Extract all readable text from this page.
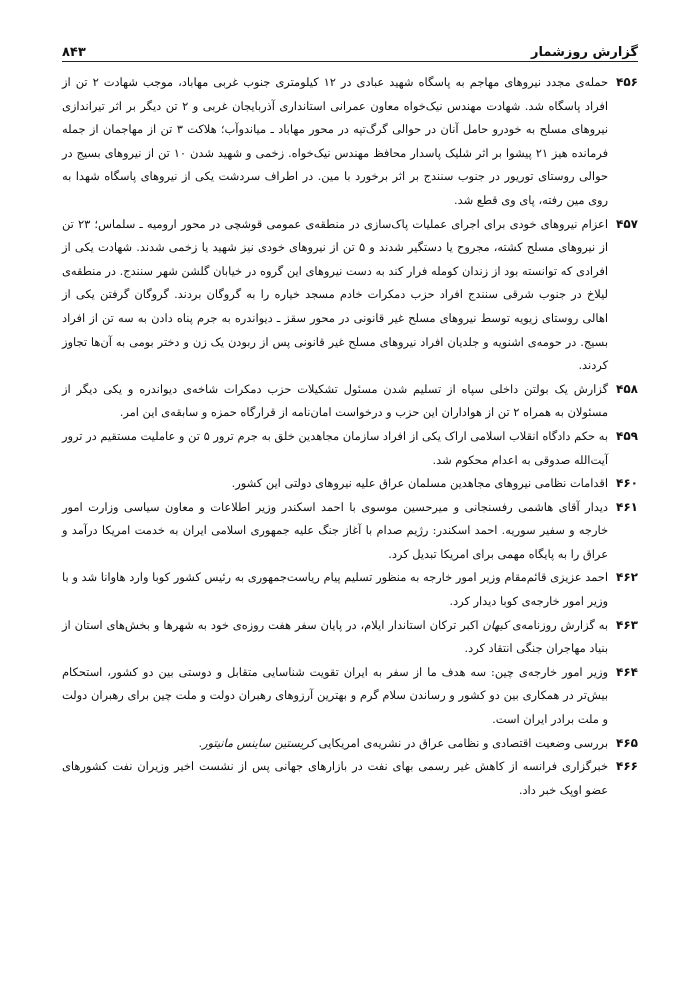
گزارش روزشمار
۸۴۳

۴۵۶
حمله‌ی مجدد نیروهای مهاجم به پاسگاه شهید عبادی در ۱۲ کیلومتری جنوب غربی مهاباد، موجب شهادت ۲ تن از افراد پاسگاه شد. شهادت مهندس نیک‌خواه معاون عمرانی استانداری آذربایجان غربی و ۲ تن دیگر بر اثر تیراندازی نیروهای مسلح به خودرو حامل آنان در حوالی گرگ‌تپه در محور مهاباد ـ میاندوآب؛ هلاکت ۳ تن از مهاجمان از جمله فرمانده هیز ۲۱ پیشوا بر اثر شلیک پاسدار محافظ مهندس نیک‌خواه. زخمی و شهید شدن ۱۰ تن از نیروهای بسیج در حوالی روستای توریور در جنوب سنندج بر اثر برخورد با مین. در اطراف سردشت یکی از نیروهای پاسگاه شهدا به روی مین رفته، پای وی قطع شد.

۴۵۷
اعزام نیروهای خودی برای اجرای عملیات پاک‌سازی در منطقه‌ی عمومی قوشچی در محور ارومیه ـ سلماس؛ ۲۳ تن از نیروهای مسلح کشته، مجروح یا دستگیر شدند و ۵ تن از نیروهای خودی نیز شهید یا زخمی شدند. شهادت یکی از افرادی که توانسته بود از زندان کومله فرار کند به دست نیروهای این گروه در خیابان گلشن شهر سنندج. در منطقه‌ی لیلاخ در جنوب شرقی سنندج افراد حزب دمکرات خادم مسجد خیاره را به گروگان بردند. گروگان گرفتن یکی از اهالی روستای زیویه توسط نیروهای مسلح غیر قانونی در محور سقز ـ دیواندره به جرم پناه دادن به سه تن از افراد بسیج. در حومه‌ی اشنویه و جلدیان افراد نیروهای مسلح غیر قانونی پس از ربودن یک زن و دختر بومی به آن‌ها تجاوز کردند.

۴۵۸
گزارش یک بولتن داخلی سپاه از تسلیم شدن مسئول تشکیلات حزب دمکرات شاخه‌ی دیواندره و یکی دیگر از مسئولان به همراه ۲ تن از هواداران این حزب و درخواست امان‌نامه از قرارگاه حمزه و سابقه‌ی این امر.

۴۵۹
به حکم دادگاه انقلاب اسلامی اراک یکی از افراد سازمان مجاهدین خلق به جرم ترور ۵ تن و عاملیت مستقیم در ترور آیت‌الله صدوقی به اعدام محکوم شد.

۴۶۰
اقدامات نظامی نیروهای مجاهدین مسلمان عراق علیه نیروهای دولتی این کشور.

۴۶۱
دیدار آقای هاشمی رفسنجانی و میرحسین موسوی با احمد اسکندر وزیر اطلاعات و معاون سیاسی وزارت امور خارجه و سفیر سوریه. احمد اسکندر: رژیم صدام با آغاز جنگ علیه جمهوری اسلامی ایران به خدمت امریکا درآمد و عراق را به پایگاه مهمی برای امریکا تبدیل کرد.

۴۶۲
احمد عزیزی قائم‌مقام وزیر امور خارجه به منظور تسلیم پیام ریاست‌جمهوری به رئیس کشور کوبا وارد هاوانا شد و با وزیر امور خارجه‌ی کوبا دیدار کرد.

۴۶۳
به گزارش روزنامه‌ی کیهان اکبر ترکان استاندار ایلام، در پایان سفر هفت روزه‌ی خود به شهرها و بخش‌های استان از بنیاد مهاجران جنگی انتقاد کرد.

۴۶۴
وزیر امور خارجه‌ی چین: سه هدف ما از سفر به ایران تقویت شناسایی متقابل و دوستی بین دو کشور، استحکام بیش‌تر در همکاری بین دو کشور و رساندن سلام گرم و بهترین آرزوهای رهبران دولت و ملت چین برای رهبران دولت و ملت برادر ایران است.

۴۶۵
بررسی وضعیت اقتصادی و نظامی عراق در نشریه‌ی امریکایی کریستین ساینس مانیتور.

۴۶۶
خبرگزاری فرانسه از کاهش غیر رسمی بهای نفت در بازارهای جهانی پس از نشست اخیر وزیران نفت کشورهای عضو اوپک خبر داد.
